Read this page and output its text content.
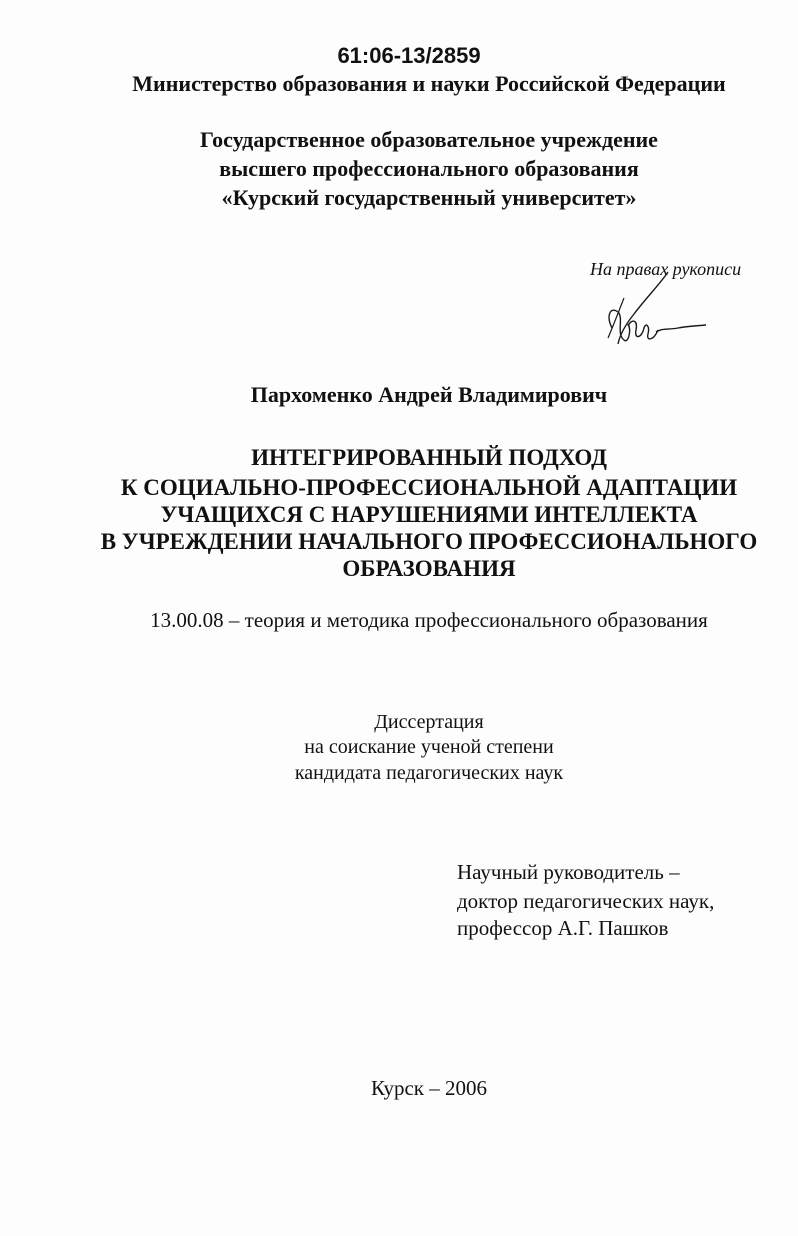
61:06-13/2859
Министерство образования и науки Российской Федерации
Государственное образовательное учреждение
высшего профессионального образования
«Курский государственный университет»
На правах рукописи
Пархоменко Андрей Владимирович
ИНТЕГРИРОВАННЫЙ ПОДХОД
К СОЦИАЛЬНО-ПРОФЕССИОНАЛЬНОЙ АДАПТАЦИИ
УЧАЩИХСЯ С НАРУШЕНИЯМИ ИНТЕЛЛЕКТА
В УЧРЕЖДЕНИИ НАЧАЛЬНОГО ПРОФЕССИОНАЛЬНОГО
ОБРАЗОВАНИЯ
13.00.08 – теория и методика профессионального образования
Диссертация
на соискание ученой степени
кандидата педагогических наук
Научный руководитель –
доктор педагогических наук,
профессор А.Г. Пашков
Курск – 2006
